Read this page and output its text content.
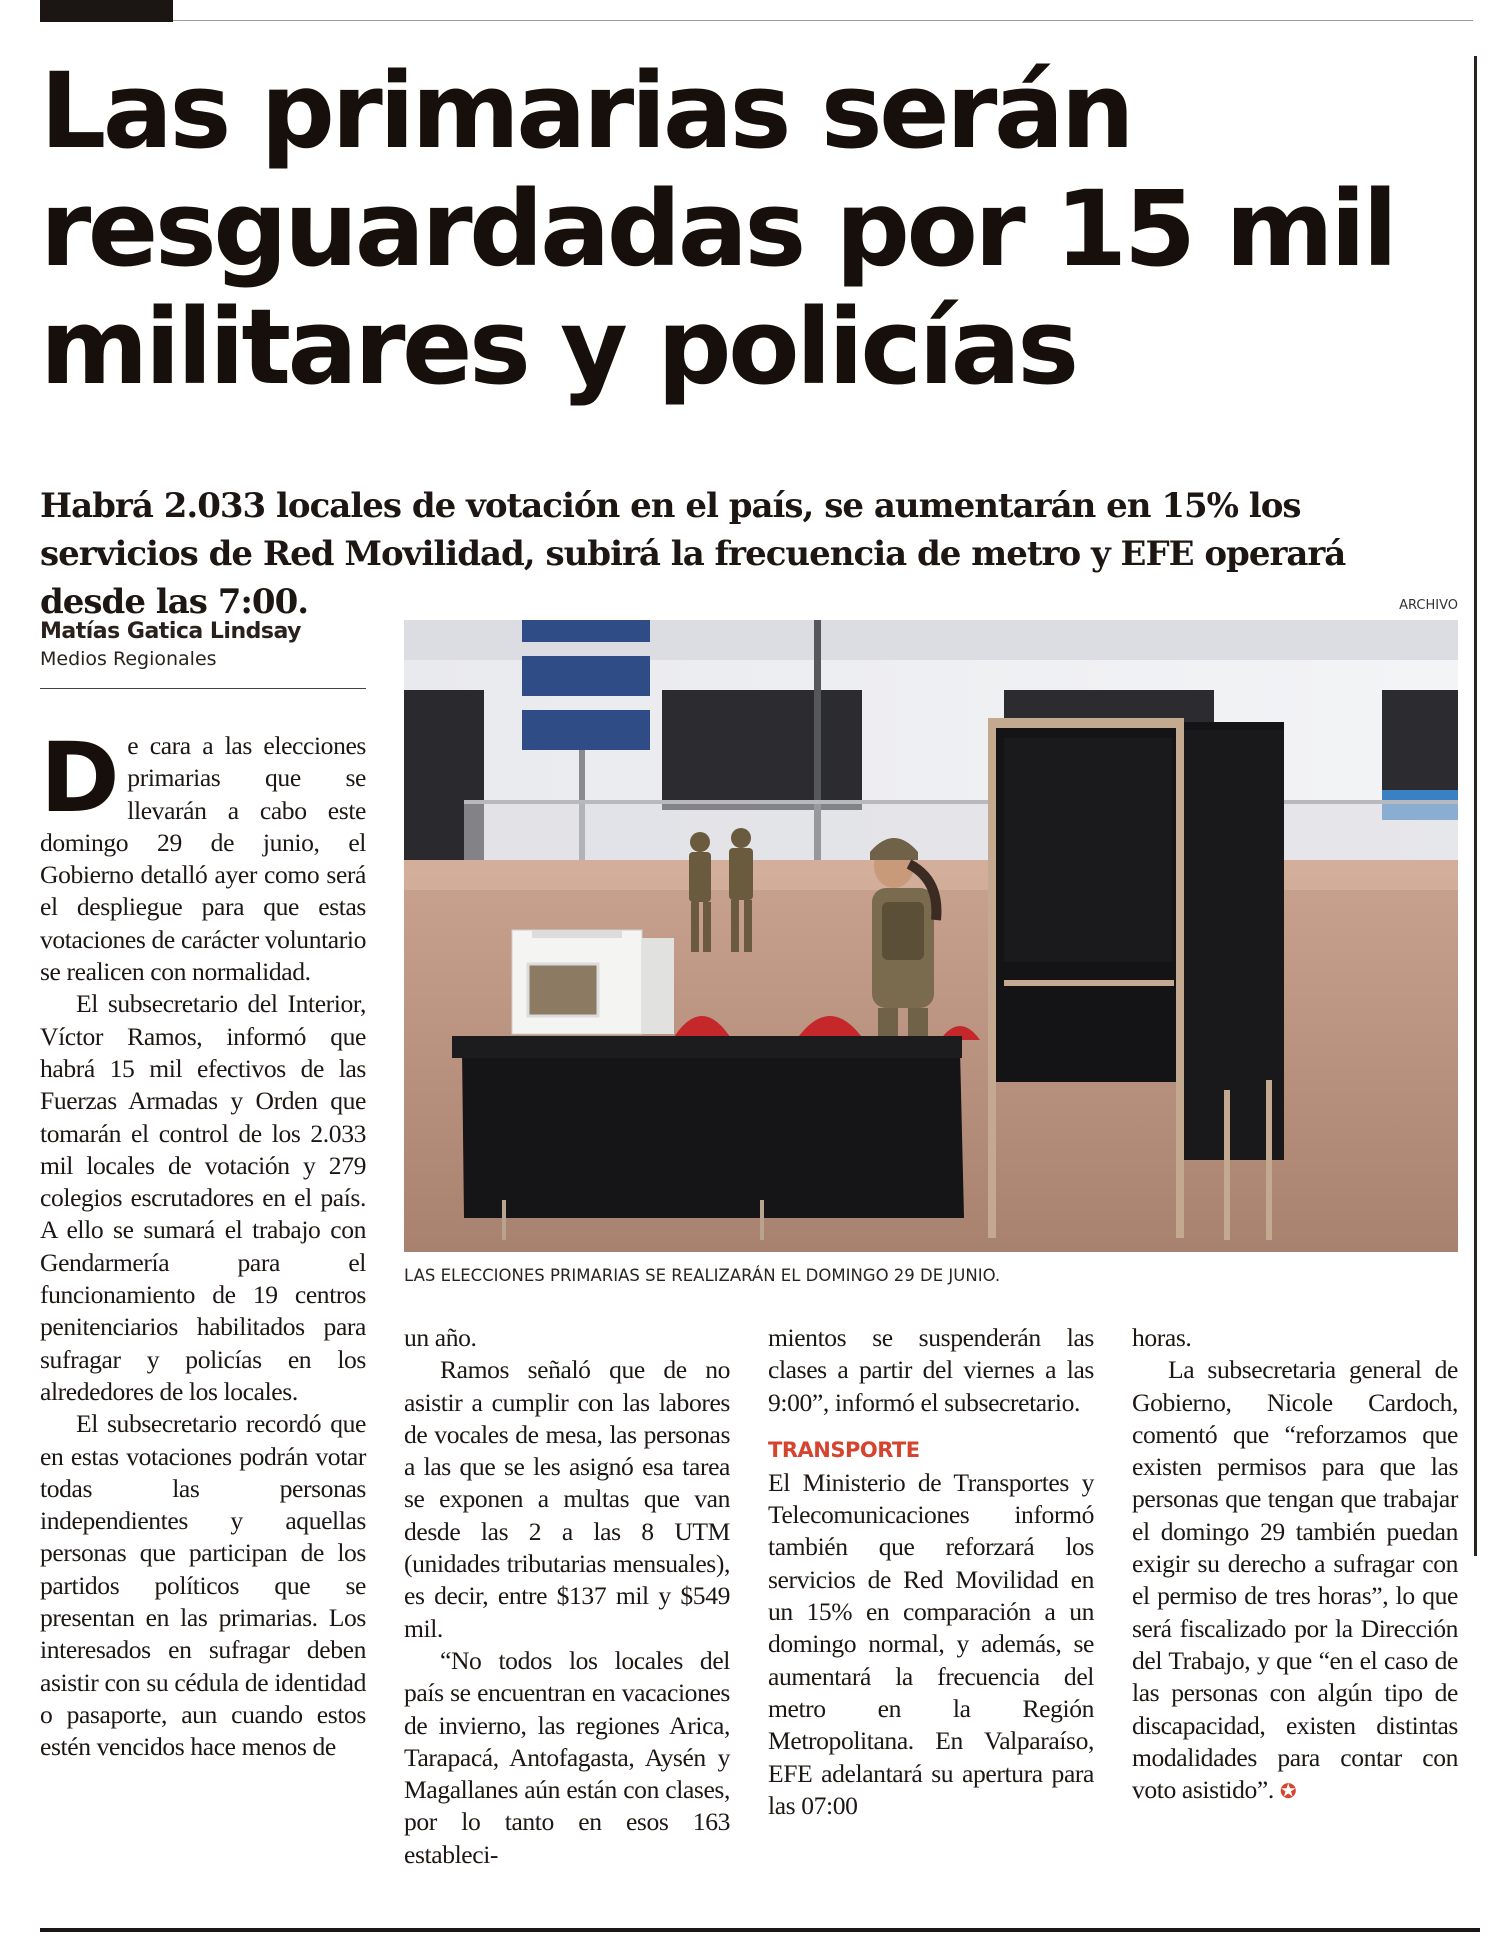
Las primarias serán resguardadas por 15 mil militares y policías

Habrá 2.033 locales de votación en el país, se aumentarán en 15% los servicios de Red Movilidad, subirá la frecuencia de metro y EFE operará desde las 7:00.

Matías Gatica Lindsay
Medios Regionales
ARCHIVO
LAS ELECCIONES PRIMARIAS SE REALIZARÁN EL DOMINGO 29 DE JUNIO.

De cara a las elecciones primarias que se llevarán a cabo este domingo 29 de junio, el Gobierno detalló ayer como será el despliegue para que estas votaciones de carácter voluntario se realicen con normalidad.

El subsecretario del Interior, Víctor Ramos, informó que habrá 15 mil efectivos de las Fuerzas Armadas y Orden que tomarán el control de los 2.033 mil locales de votación y 279 colegios escrutadores en el país. A ello se sumará el trabajo con Gendarmería para el funcionamiento de 19 centros penitenciarios habilitados para sufragar y policías en los alrededores de los locales.

El subsecretario recordó que en estas votaciones podrán votar todas las personas independientes y aquellas personas que participan de los partidos políticos que se presentan en las primarias. Los interesados en sufragar deben asistir con su cédula de identidad o pasaporte, aun cuando estos estén vencidos hace menos de

un año.

Ramos señaló que de no asistir a cumplir con las labores de vocales de mesa, las personas a las que se les asignó esa tarea se exponen a multas que van desde las 2 a las 8 UTM (unidades tributarias mensuales), es decir, entre $137 mil y $549 mil.

“No todos los locales del país se encuentran en vacaciones de invierno, las regiones Arica, Tarapacá, Antofagasta, Aysén y Magallanes aún están con clases, por lo tanto en esos 163 estableci-

mientos se suspenderán las clases a partir del viernes a las 9:00”, informó el subsecretario.

TRANSPORTE

El Ministerio de Transportes y Telecomunicaciones informó también que reforzará los servicios de Red Movilidad en un 15% en comparación a un domingo normal, y además, se aumentará la frecuencia del metro en la Región Metropolitana. En Valparaíso, EFE adelantará su apertura para las 07:00

horas.

La subsecretaria general de Gobierno, Nicole Cardoch, comentó que “reforzamos que existen permisos para que las personas que tengan que trabajar el domingo 29 también puedan exigir su derecho a sufragar con el permiso de tres horas”, lo que será fiscalizado por la Dirección del Trabajo, y que “en el caso de las personas con algún tipo de discapacidad, existen distintas modalidades para contar con voto asistido”. ✪
